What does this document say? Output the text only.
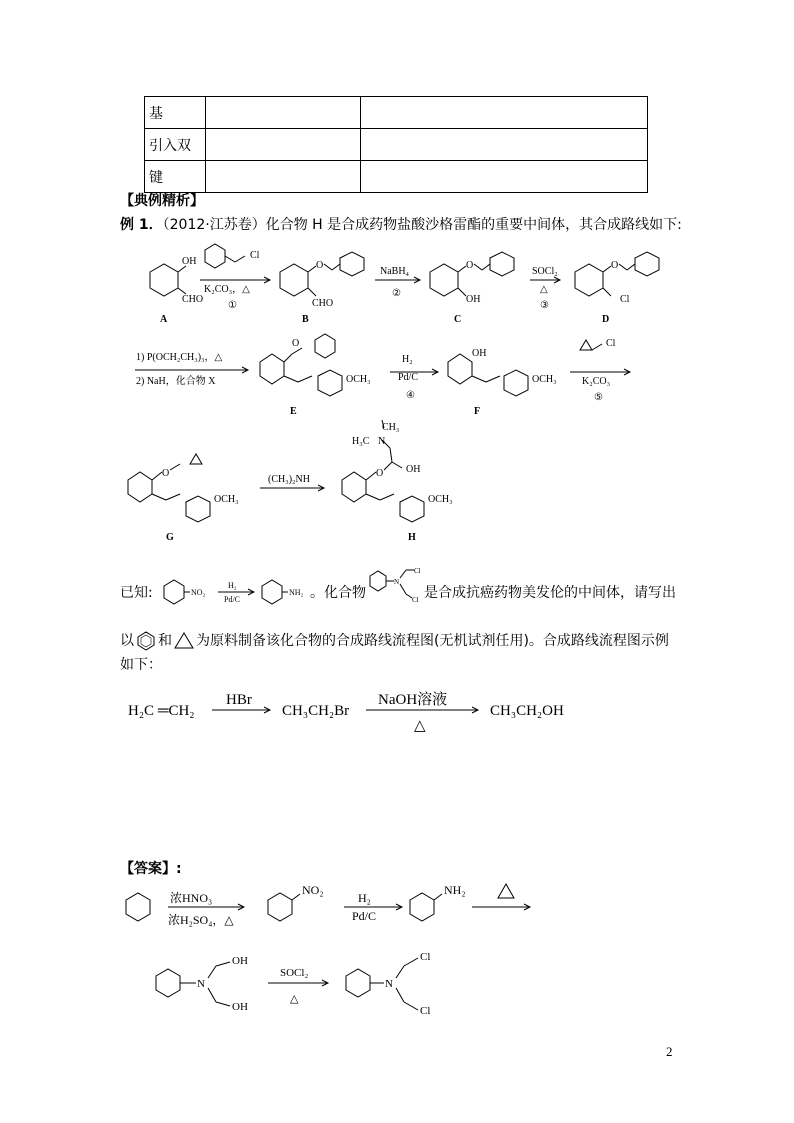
基		
引入双		
键		
【典例精析】
例 1．（2012·江苏卷）化合物 H 是合成药物盐酸沙格雷酯的重要中间体，其合成路线如下:
OH
CHO
Cl
K₂CO₃，△
①
O
CHO
NaBH₄
②
O
OH
SOCl₂
△
③
O
Cl
A	B	C	D
1) P(OCH₂CH₃)₃，△
2) NaH，化合物 X
O
OCH₃
H₂
Pd/C
④
OH
OCH₃
Cl
K₂CO₃
⑤
E	F
O
OCH₃
(CH₃)₂NH
O OH
N
H₃C
CH₃
OCH₃
G	H
已知:	NO₂
H₂
Pd/C
NH₂ 。化合物
N
Cl
Cl 是合成抗癌药物美发伦的中间体，请写出
以 和 为原料制备该化合物的合成路线流程图(无机试剂任用)。合成路线流程图示例
如下：
H₂C ═CH₂
HBr
CH₃CH₂Br
NaOH溶液
△
CH₃CH₂OH
【答案】:
浓HNO₃
浓H₂SO₄，△
NO₂
H₂
Pd/C
NH₂
N
OH
OH
SOCl₂
△
N
Cl
Cl
2
